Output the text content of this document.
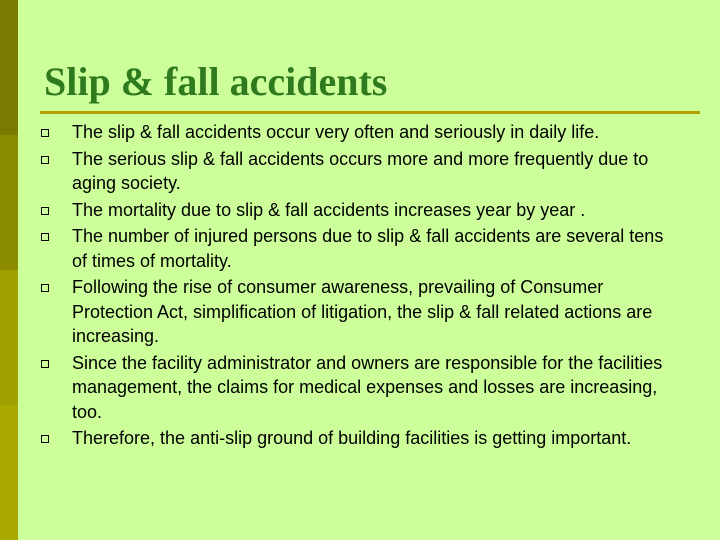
Slip & fall accidents
The slip & fall accidents occur very often and seriously in daily life.
The serious slip & fall accidents occurs more and more frequently due to aging society.
The mortality due to slip & fall accidents increases year by year .
The number of injured persons due to slip & fall accidents are several tens of times of mortality.
Following the rise of consumer awareness, prevailing of Consumer Protection Act, simplification of litigation, the slip & fall related actions are increasing.
Since the facility administrator and owners are responsible for the facilities management, the claims for medical expenses and losses are increasing, too.
Therefore, the anti-slip ground of building facilities is getting important.
